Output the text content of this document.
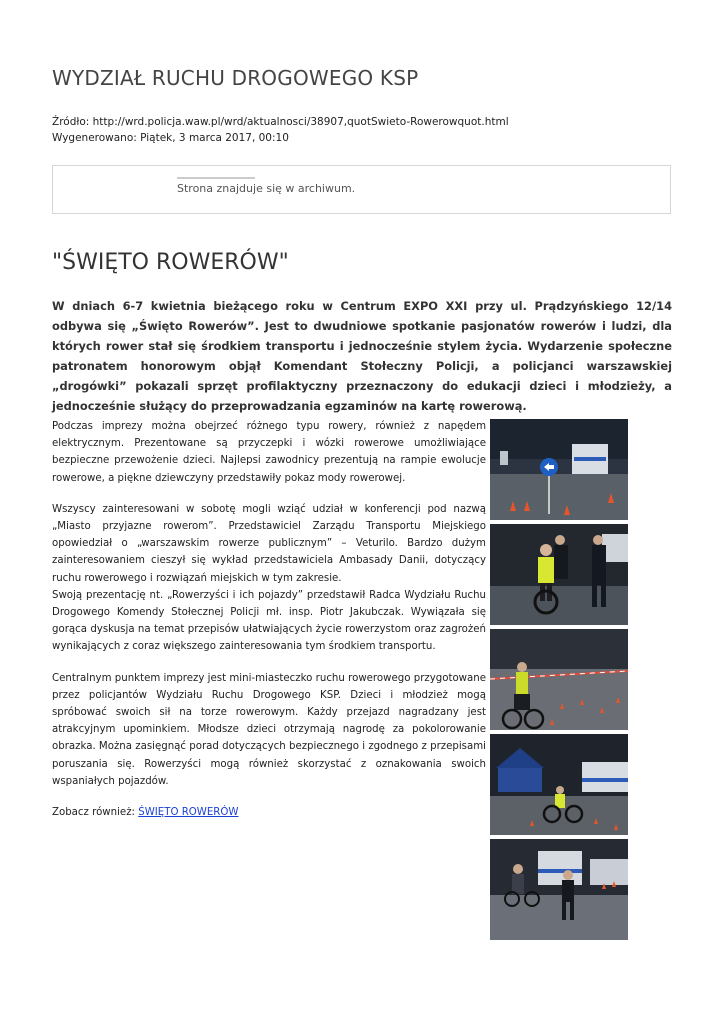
WYDZIAŁ RUCHU DROGOWEGO KSP
Źródło: http://wrd.policja.waw.pl/wrd/aktualnosci/38907,quotSwieto-Rowerowquot.html
Wygenerowano: Piątek, 3 marca 2017, 00:10
Strona znajduje się w archiwum.
"ŚWIĘTO ROWERÓW"

W dniach 6-7 kwietnia bieżącego roku w Centrum EXPO XXI przy ul. Prądzyńskiego 12/14 odbywa się „Święto Rowerów”. Jest to dwudniowe spotkanie pasjonatów rowerów i ludzi, dla których rower stał się środkiem transportu i jednocześnie stylem życia. Wydarzenie społeczne patronatem honorowym objął Komendant Stołeczny Policji, a policjanci warszawskiej „drogówki” pokazali sprzęt profilaktyczny przeznaczony do edukacji dzieci i młodzieży, a jednocześnie służący do przeprowadzania egzaminów na kartę rowerową.

Podczas imprezy można obejrzeć różnego typu rowery, również z napędem elektrycznym. Prezentowane są przyczepki i wózki rowerowe umożliwiające bezpieczne przewożenie dzieci. Najlepsi zawodnicy prezentują na rampie ewolucje rowerowe, a piękne dziewczyny przedstawiły pokaz mody rowerowej.

Wszyscy zainteresowani w sobotę mogli wziąć udział w konferencji pod nazwą „Miasto przyjazne rowerom”. Przedstawiciel Zarządu Transportu Miejskiego opowiedział o „warszawskim rowerze publicznym” – Veturilo. Bardzo dużym zainteresowaniem cieszył się wykład przedstawiciela Ambasady Danii, dotyczący ruchu rowerowego i rozwiązań miejskich w tym zakresie.

Swoją prezentację nt. „Rowerzyści i ich pojazdy” przedstawił Radca Wydziału Ruchu Drogowego Komendy Stołecznej Policji mł. insp. Piotr Jakubczak. Wywiązała się gorąca dyskusja na temat przepisów ułatwiających życie rowerzystom oraz zagrożeń wynikających z coraz większego zainteresowania tym środkiem transportu.

Centralnym punktem imprezy jest mini-miasteczko ruchu rowerowego przygotowane przez policjantów Wydziału Ruchu Drogowego KSP. Dzieci i młodzież mogą spróbować swoich sił na torze rowerowym. Każdy przejazd nagradzany jest atrakcyjnym upominkiem. Młodsze dzieci otrzymają nagrodę za pokolorowanie obrazka. Można zasięgnąć porad dotyczących bezpiecznego i zgodnego z przepisami poruszania się. Rowerzyści mogą również skorzystać z oznakowania swoich wspaniałych pojazdów.

Zobacz również: ŚWIĘTO ROWERÓW
